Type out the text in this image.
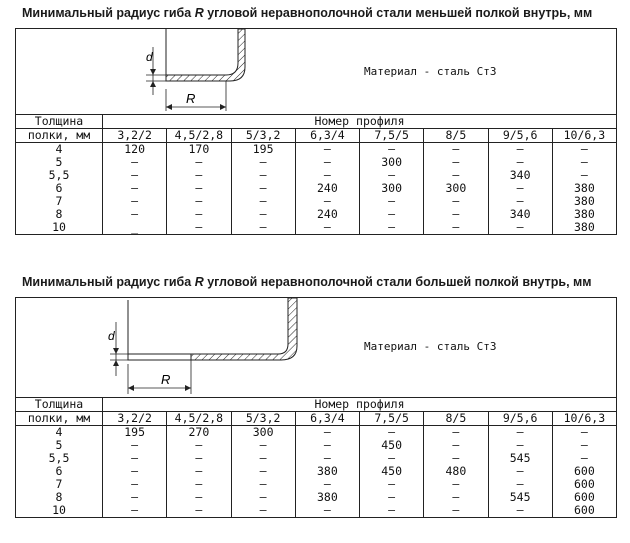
Минимальный радиус гиба R угловой неравнополочной стали меньшей полкой внутрь, мм
d
R
Материал - сталь Ст3
Толщина	Номер профиля							
полки, мм	3,2/2	4,5/2,8	5/3,2	6,3/4	7,5/5	8/5	9/5,6	10/6,3
4	120	170	195	–	–	–	–	–
5	–	–	–	–	300	–	–	–
5,5	–	–	–	–	–	–	340	–
6	–	–	–	240	300	300	–	380
7	–	–	–	–	–	–	–	380
8	–	–	–	240	–	–	340	380
10	_	–	–	–	–	–	–	380
Минимальный радиус гиба R угловой неравнополочной стали большей полкой внутрь, мм
d
R
Материал - сталь Ст3
Толщина	Номер профиля							
полки, мм	3,2/2	4,5/2,8	5/3,2	6,3/4	7,5/5	8/5	9/5,6	10/6,3
4	195	270	300	–	–	–	–	–
5	–	–	–	–	450	–	–	–
5,5	–	–	–	–	–	–	545	–
6	–	–	–	380	450	480	–	600
7	–	–	–	–	–	–	–	600
8	–	–	–	380	–	–	545	600
10	–	–	–	–	–	–	–	600
